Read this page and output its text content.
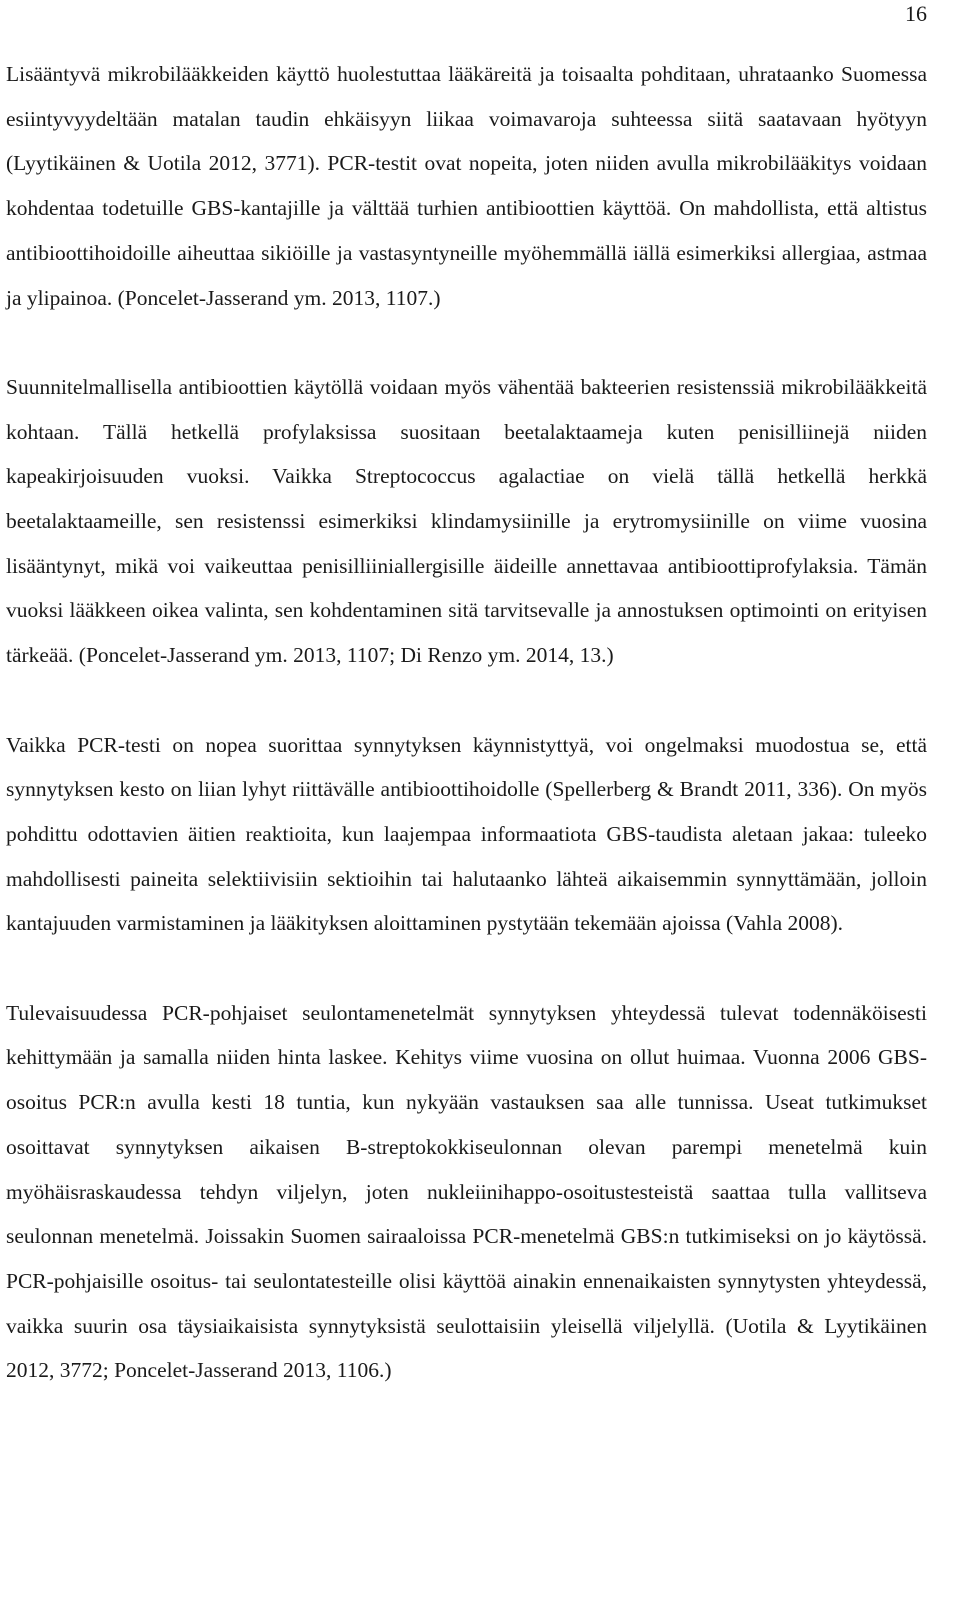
16

Lisääntyvä mikrobilääkkeiden käyttö huolestuttaa lääkäreitä ja toisaalta pohditaan, uhrataanko Suomessa esiintyvyydeltään matalan taudin ehkäisyyn liikaa voimavaroja suhteessa siitä saatavaan hyötyyn (Lyytikäinen & Uotila 2012, 3771). PCR-testit ovat nopeita, joten niiden avulla mikrobilääkitys voidaan kohdentaa todetuille GBS-kantajille ja välttää turhien antibioottien käyttöä. On mahdollista, että altistus antibioottihoidoille aiheuttaa sikiöille ja vastasyntyneille myöhemmällä iällä esimerkiksi allergiaa, astmaa ja ylipainoa. (Poncelet-Jasserand ym. 2013, 1107.)

Suunnitelmallisella antibioottien käytöllä voidaan myös vähentää bakteerien resistenssiä mikrobilääkkeitä kohtaan. Tällä hetkellä profylaksissa suositaan beetalaktaameja kuten penisilliinejä niiden kapeakirjoisuuden vuoksi. Vaikka Streptococcus agalactiae on vielä tällä hetkellä herkkä beetalaktaameille, sen resistenssi esimerkiksi klindamysiinille ja erytromysiinille on viime vuosina lisääntynyt, mikä voi vaikeuttaa penisilliiniallergisille äideille annettavaa antibioottiprofylaksia. Tämän vuoksi lääkkeen oikea valinta, sen kohdentaminen sitä tarvitsevalle ja annostuksen optimointi on erityisen tärkeää. (Poncelet-Jasserand ym. 2013, 1107; Di Renzo ym. 2014, 13.)

Vaikka PCR-testi on nopea suorittaa synnytyksen käynnistyttyä, voi ongelmaksi muodostua se, että synnytyksen kesto on liian lyhyt riittävälle antibioottihoidolle (Spellerberg & Brandt 2011, 336). On myös pohdittu odottavien äitien reaktioita, kun laajempaa informaatiota GBS-taudista aletaan jakaa: tuleeko mahdollisesti paineita selektiivisiin sektioihin tai halutaanko lähteä aikaisemmin synnyttämään, jolloin kantajuuden varmistaminen ja lääkityksen aloittaminen pystytään tekemään ajoissa (Vahla 2008).

Tulevaisuudessa PCR-pohjaiset seulontamenetelmät synnytyksen yhteydessä tulevat todennäköisesti kehittymään ja samalla niiden hinta laskee. Kehitys viime vuosina on ollut huimaa. Vuonna 2006 GBS-osoitus PCR:n avulla kesti 18 tuntia, kun nykyään vastauksen saa alle tunnissa. Useat tutkimukset osoittavat synnytyksen aikaisen B-streptokokkiseulonnan olevan parempi menetelmä kuin myöhäisraskaudessa tehdyn viljelyn, joten nukleiinihappo-osoitustesteistä saattaa tulla vallitseva seulonnan menetelmä. Joissakin Suomen sairaaloissa PCR-menetelmä GBS:n tutkimiseksi on jo käytössä. PCR-pohjaisille osoitus- tai seulontatesteille olisi käyttöä ainakin ennenaikaisten synnytysten yhteydessä, vaikka suurin osa täysiaikaisista synnytyksistä seulottaisiin yleisellä viljelyllä. (Uotila & Lyytikäinen 2012, 3772; Poncelet-Jasserand 2013, 1106.)
